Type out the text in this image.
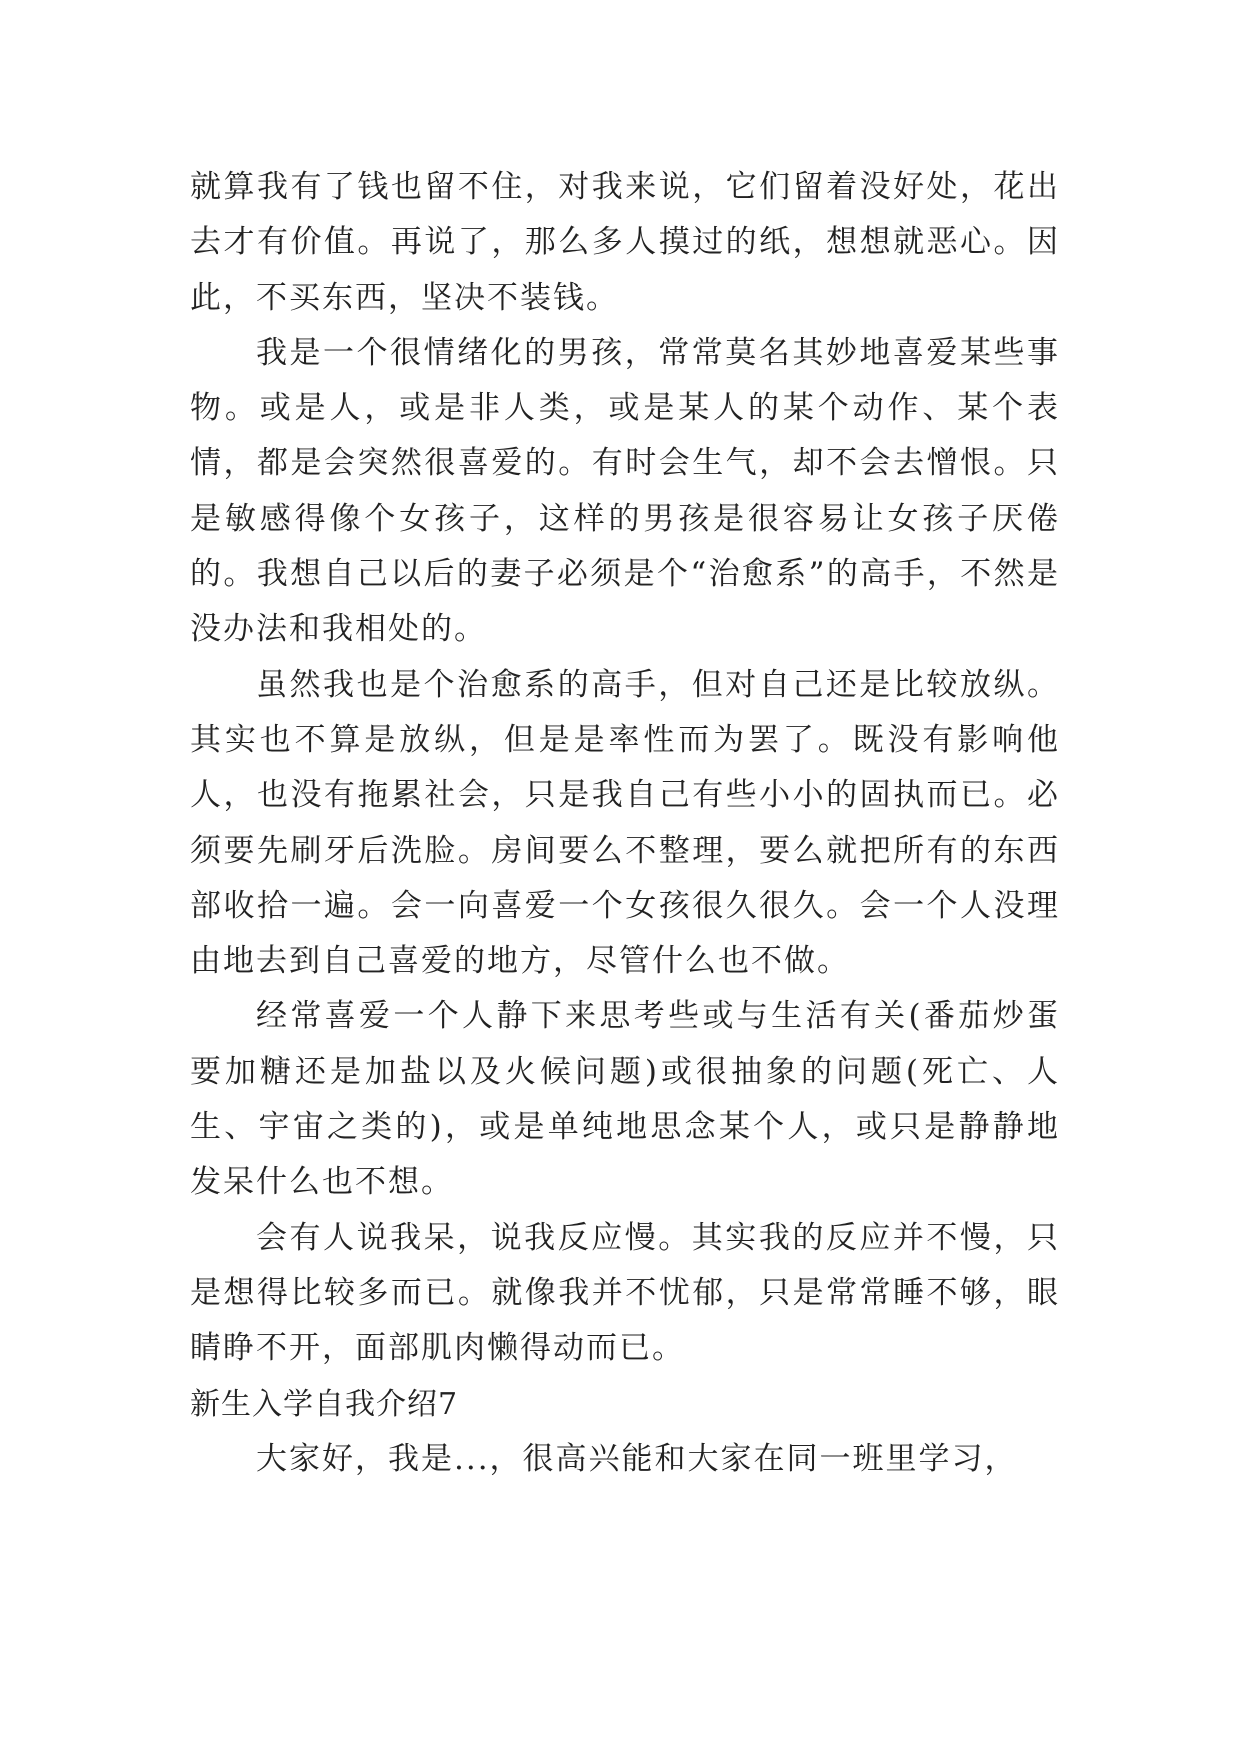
就算我有了钱也留不住，对我来说，它们留着没好处，花出去才有价值。再说了，那么多人摸过的纸，想想就恶心。因此，不买东西，坚决不装钱。

我是一个很情绪化的男孩，常常莫名其妙地喜爱某些事物。或是人，或是非人类，或是某人的某个动作、某个表情，都是会突然很喜爱的。有时会生气，却不会去憎恨。只是敏感得像个女孩子，这样的男孩是很容易让女孩子厌倦的。我想自己以后的妻子必须是个“治愈系”的高手，不然是没办法和我相处的。

虽然我也是个治愈系的高手，但对自己还是比较放纵。其实也不算是放纵，但是是率性而为罢了。既没有影响他人，也没有拖累社会，只是我自己有些小小的固执而已。必须要先刷牙后洗脸。房间要么不整理，要么就把所有的东西部收拾一遍。会一向喜爱一个女孩很久很久。会一个人没理由地去到自己喜爱的地方，尽管什么也不做。

经常喜爱一个人静下来思考些或与生活有关(番茄炒蛋要加糖还是加盐以及火候问题)或很抽象的问题(死亡、人生、宇宙之类的)，或是单纯地思念某个人，或只是静静地发呆什么也不想。

会有人说我呆，说我反应慢。其实我的反应并不慢，只是想得比较多而已。就像我并不忧郁，只是常常睡不够，眼睛睁不开，面部肌肉懒得动而已。

新生入学自我介绍7

大家好，我是...，很高兴能和大家在同一班里学习，
